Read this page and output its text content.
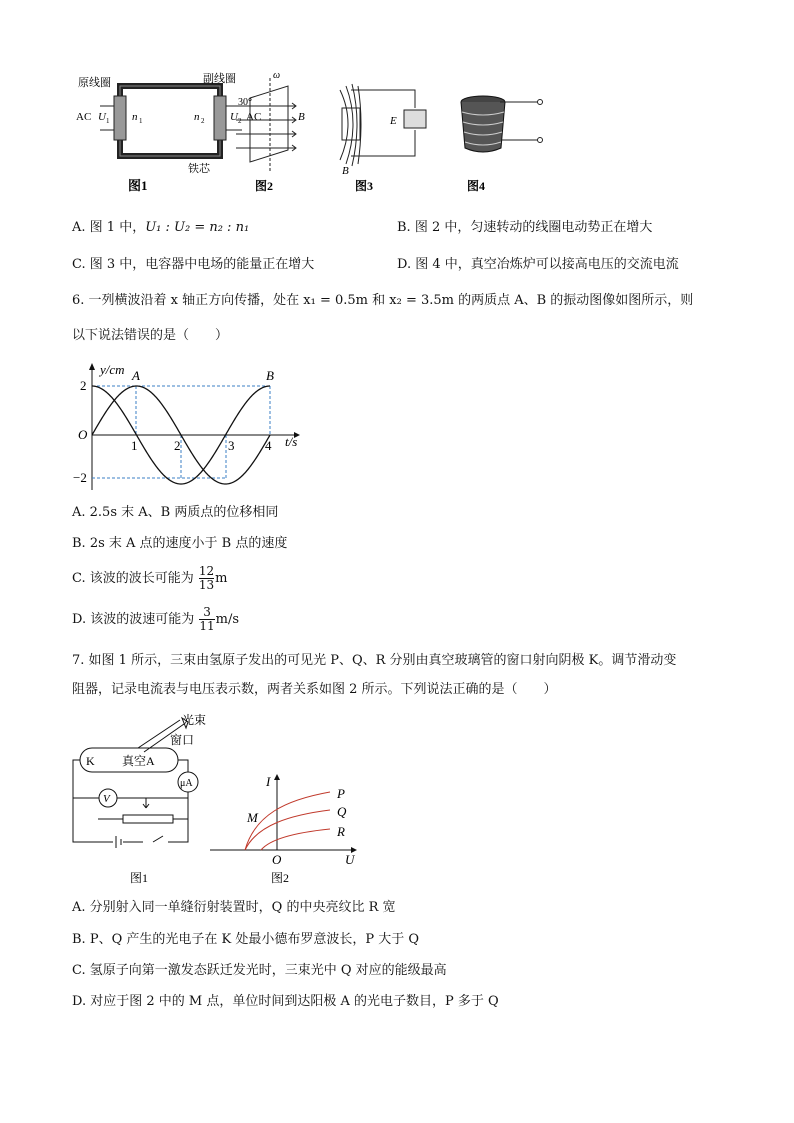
原线圈	副线圈
AC U 1 n 1	n 2 U 2 AC
铁芯
图1
ω
30°
B
图2
E
B
图3	图4
A. 图 1 中，U₁ : U₂ = n₂ : n₁	B. 图 2 中，匀速转动的线圈电动势正在增大
C. 图 3 中，电容器中电场的能量正在增大	D. 图 4 中，真空冶炼炉可以接高电压的交流电流
6. 一列横波沿着 x 轴正方向传播，处在 x₁ = 0.5m 和 x₂ = 3.5m 的两质点 A、B 的振动图像如图所示，则
以下说法错误的是（　　）
y/cm
t/s
O
2
−2
1	2	3 4
A	B
A. 2.5s 末 A、B 两质点的位移相同
B. 2s 末 A 点的速度小于 B 点的速度
C. 该波的波长可能为 $\frac{12}{13}$ m
D. 该波的波速可能为 $\frac{3}{11} m/s$
7. 如图 1 所示，三束由氢原子发出的可见光 P、Q、R 分别由真空玻璃管的窗口射向阴极 K。调节滑动变
阻器，记录电流表与电压表示数，两者关系如图 2 所示。下列说法正确的是（　　）
光束
窗口
K 真空A
μA
V
图1
I
U
O
M
P
Q
R
图2
A. 分别射入同一单缝衍射装置时，Q 的中央亮纹比 R 宽
B. P、Q 产生的光电子在 K 处最小德布罗意波长，P 大于 Q
C. 氢原子向第一激发态跃迁发光时，三束光中 Q 对应的能级最高
D. 对应于图 2 中的 M 点，单位时间到达阳极 A 的光电子数目，P 多于 Q
